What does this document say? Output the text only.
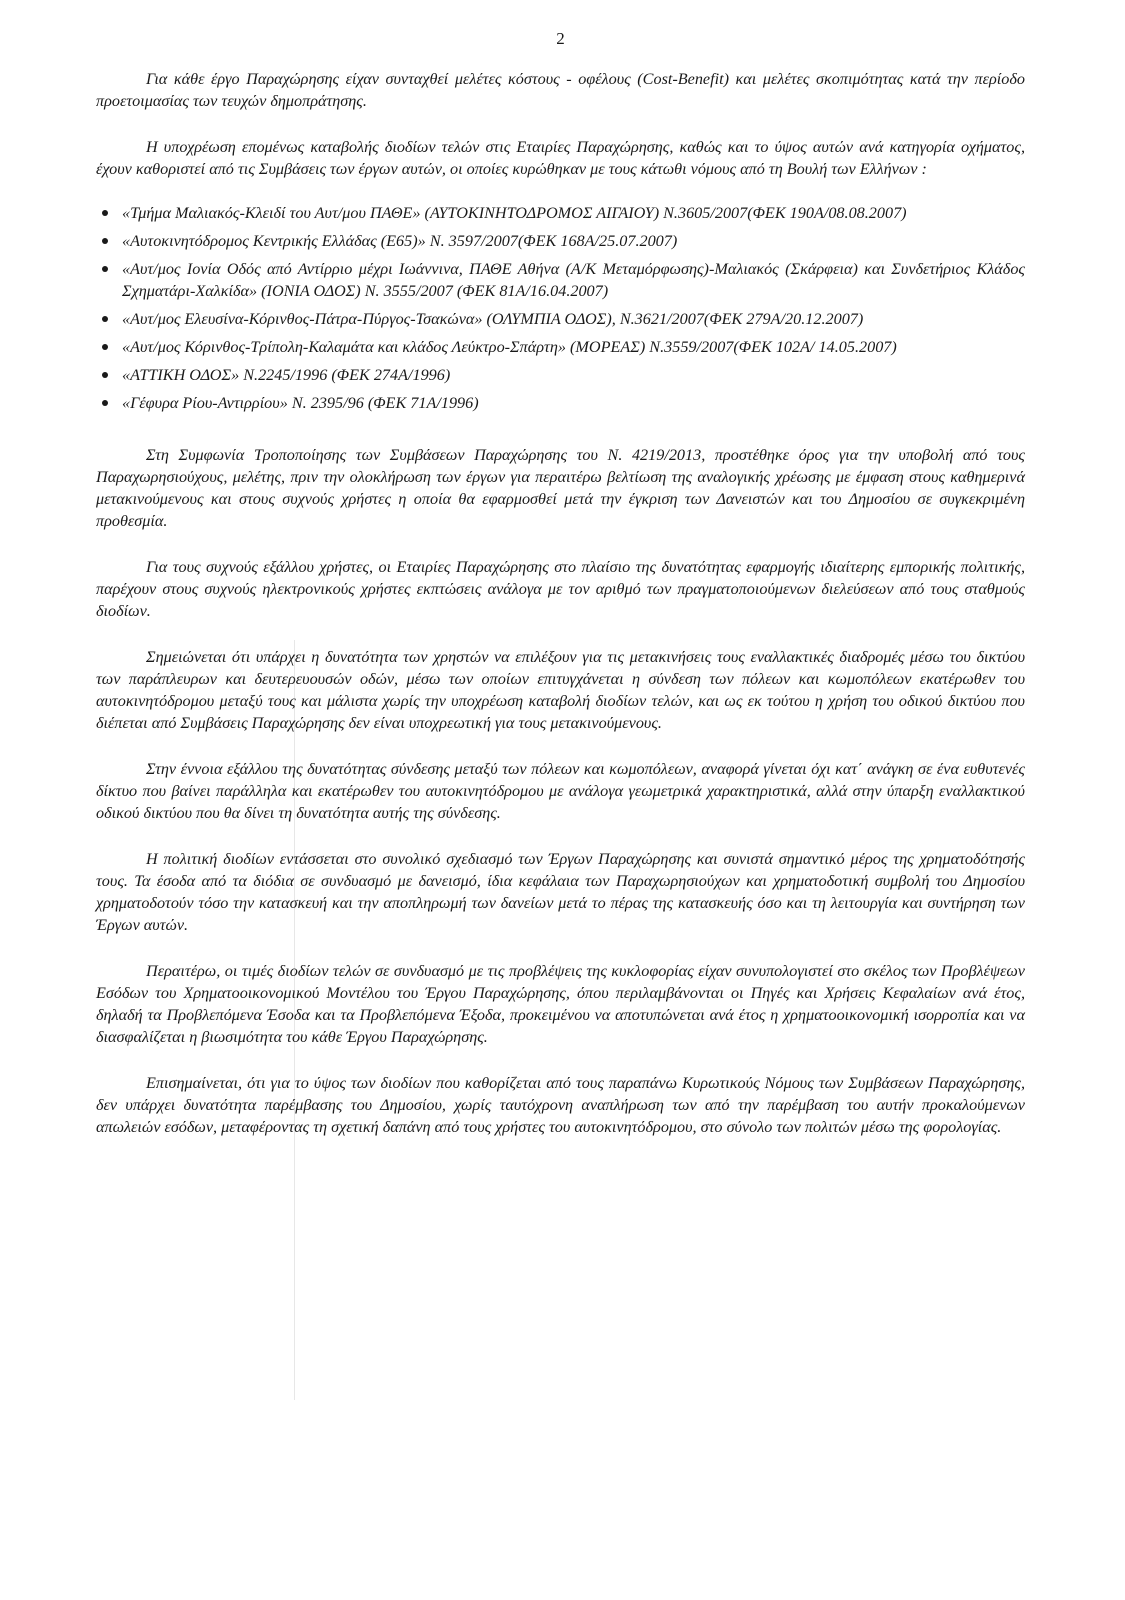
2

Για κάθε έργο Παραχώρησης είχαν συνταχθεί μελέτες κόστους - οφέλους (Cost-Benefit) και μελέτες σκοπιμότητας κατά την περίοδο προετοιμασίας των τευχών δημοπράτησης.

Η υποχρέωση επομένως καταβολής διοδίων τελών στις Εταιρίες Παραχώρησης, καθώς και το ύψος αυτών ανά κατηγορία οχήματος, έχουν καθοριστεί από τις Συμβάσεις των έργων αυτών, οι οποίες κυρώθηκαν με τους κάτωθι νόμους από τη Βουλή των Ελλήνων :

«Τμήμα Μαλιακός-Κλειδί του Αυτ/μου ΠΑΘΕ» (ΑΥΤΟΚΙΝΗΤΟΔΡΟΜΟΣ ΑΙΓΑΙΟΥ) Ν.3605/2007(ΦΕΚ 190Α/08.08.2007)
«Αυτοκινητόδρομος Κεντρικής Ελλάδας (Ε65)» Ν. 3597/2007(ΦΕΚ 168Α/25.07.2007)
«Αυτ/μος Ιονία Οδός από Αντίρριο μέχρι Ιωάννινα, ΠΑΘΕ Αθήνα (Α/Κ Μεταμόρφωσης)-Μαλιακός (Σκάρφεια) και Συνδετήριος Κλάδος Σχηματάρι-Χαλκίδα» (ΙΟΝΙΑ ΟΔΟΣ) Ν. 3555/2007 (ΦΕΚ 81Α/16.04.2007)
«Αυτ/μος Ελευσίνα-Κόρινθος-Πάτρα-Πύργος-Τσακώνα» (ΟΛΥΜΠΙΑ ΟΔΟΣ), Ν.3621/2007(ΦΕΚ 279Α/20.12.2007)
«Αυτ/μος Κόρινθος-Τρίπολη-Καλαμάτα και κλάδος Λεύκτρο-Σπάρτη» (ΜΟΡΕΑΣ) Ν.3559/2007(ΦΕΚ 102Α/ 14.05.2007)
«ΑΤΤΙΚΗ ΟΔΟΣ» Ν.2245/1996 (ΦΕΚ 274Α/1996)
«Γέφυρα Ρίου-Αντιρρίου» Ν. 2395/96 (ΦΕΚ 71Α/1996)

Στη Συμφωνία Τροποποίησης των Συμβάσεων Παραχώρησης του Ν. 4219/2013, προστέθηκε όρος για την υποβολή από τους Παραχωρησιούχους, μελέτης, πριν την ολοκλήρωση των έργων για περαιτέρω βελτίωση της αναλογικής χρέωσης με έμφαση στους καθημερινά μετακινούμενους και στους συχνούς χρήστες η οποία θα εφαρμοσθεί μετά την έγκριση των Δανειστών και του Δημοσίου σε συγκεκριμένη προθεσμία.

Για τους συχνούς εξάλλου χρήστες, οι Εταιρίες Παραχώρησης στο πλαίσιο της δυνατότητας εφαρμογής ιδιαίτερης εμπορικής πολιτικής, παρέχουν στους συχνούς ηλεκτρονικούς χρήστες εκπτώσεις ανάλογα με τον αριθμό των πραγματοποιούμενων διελεύσεων από τους σταθμούς διοδίων.

Σημειώνεται ότι υπάρχει η δυνατότητα των χρηστών να επιλέξουν για τις μετακινήσεις τους εναλλακτικές διαδρομές μέσω του δικτύου των παράπλευρων και δευτερευουσών οδών, μέσω των οποίων επιτυγχάνεται η σύνδεση των πόλεων και κωμοπόλεων εκατέρωθεν του αυτοκινητόδρομου μεταξύ τους και μάλιστα χωρίς την υποχρέωση καταβολή διοδίων τελών, και ως εκ τούτου η χρήση του οδικού δικτύου που διέπεται από Συμβάσεις Παραχώρησης δεν είναι υποχρεωτική για τους μετακινούμενους.

Στην έννοια εξάλλου της δυνατότητας σύνδεσης μεταξύ των πόλεων και κωμοπόλεων, αναφορά γίνεται όχι κατ΄ ανάγκη σε ένα ευθυτενές δίκτυο που βαίνει παράλληλα και εκατέρωθεν του αυτοκινητόδρομου με ανάλογα γεωμετρικά χαρακτηριστικά, αλλά στην ύπαρξη εναλλακτικού οδικού δικτύου που θα δίνει τη δυνατότητα αυτής της σύνδεσης.

Η πολιτική διοδίων εντάσσεται στο συνολικό σχεδιασμό των Έργων Παραχώρησης και συνιστά σημαντικό μέρος της χρηματοδότησής τους. Τα έσοδα από τα διόδια σε συνδυασμό με δανεισμό, ίδια κεφάλαια των Παραχωρησιούχων και χρηματοδοτική συμβολή του Δημοσίου χρηματοδοτούν τόσο την κατασκευή και την αποπληρωμή των δανείων μετά το πέρας της κατασκευής όσο και τη λειτουργία και συντήρηση των Έργων αυτών.

Περαιτέρω, οι τιμές διοδίων τελών σε συνδυασμό με τις προβλέψεις της κυκλοφορίας είχαν συνυπολογιστεί στο σκέλος των Προβλέψεων Εσόδων του Χρηματοοικονομικού Μοντέλου του Έργου Παραχώρησης, όπου περιλαμβάνονται οι Πηγές και Χρήσεις Κεφαλαίων ανά έτος, δηλαδή τα Προβλεπόμενα Έσοδα και τα Προβλεπόμενα Έξοδα, προκειμένου να αποτυπώνεται ανά έτος η χρηματοοικονομική ισορροπία και να διασφαλίζεται η βιωσιμότητα του κάθε Έργου Παραχώρησης.

Επισημαίνεται, ότι για το ύψος των διοδίων που καθορίζεται από τους παραπάνω Κυρωτικούς Νόμους των Συμβάσεων Παραχώρησης, δεν υπάρχει δυνατότητα παρέμβασης του Δημοσίου, χωρίς ταυτόχρονη αναπλήρωση των από την παρέμβαση του αυτήν προκαλούμενων απωλειών εσόδων, μεταφέροντας τη σχετική δαπάνη από τους χρήστες του αυτοκινητόδρομου, στο σύνολο των πολιτών μέσω της φορολογίας.
